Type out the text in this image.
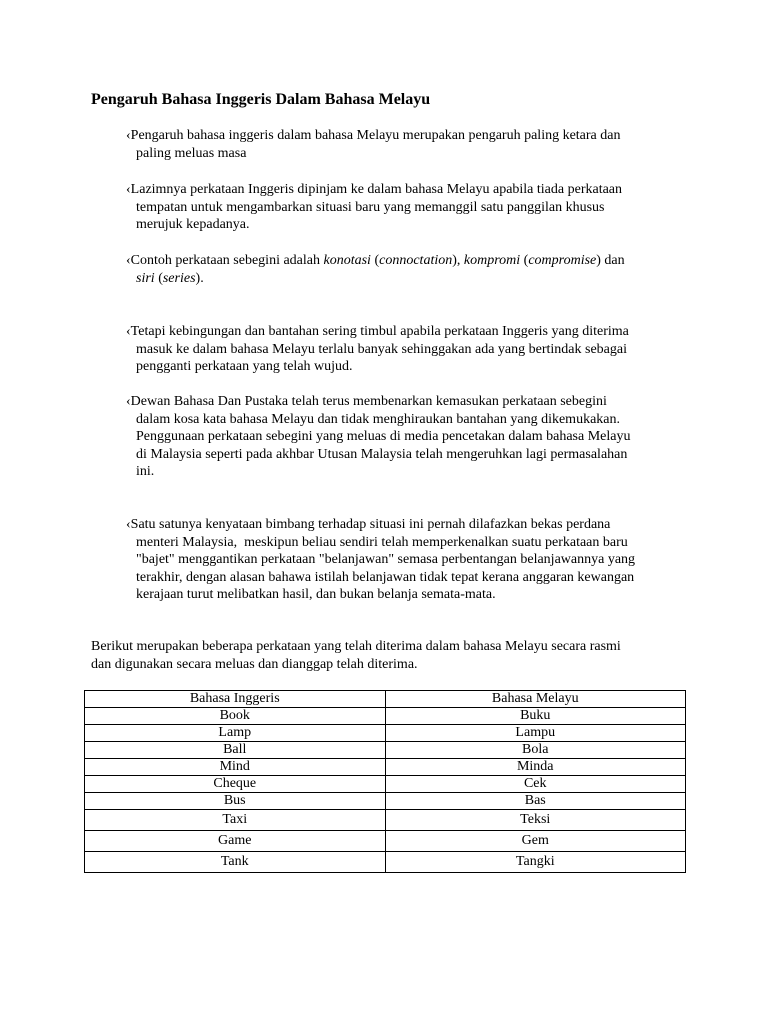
Pengaruh Bahasa Inggeris Dalam Bahasa Melayu

‹Pengaruh bahasa inggeris dalam bahasa Melayu merupakan pengaruh paling ketara dan
paling meluas masa

‹Lazimnya perkataan Inggeris dipinjam ke dalam bahasa Melayu apabila tiada perkataan
tempatan untuk mengambarkan situasi baru yang memanggil satu panggilan khusus
merujuk kepadanya.

‹Contoh perkataan sebegini adalah konotasi (connoctation), kompromi (compromise) dan
siri (series).

‹Tetapi kebingungan dan bantahan sering timbul apabila perkataan Inggeris yang diterima
masuk ke dalam bahasa Melayu terlalu banyak sehinggakan ada yang bertindak sebagai
pengganti perkataan yang telah wujud.

‹Dewan Bahasa Dan Pustaka telah terus membenarkan kemasukan perkataan sebegini
dalam kosa kata bahasa Melayu dan tidak menghiraukan bantahan yang dikemukakan.
Penggunaan perkataan sebegini yang meluas di media pencetakan dalam bahasa Melayu
di Malaysia seperti pada akhbar Utusan Malaysia telah mengeruhkan lagi permasalahan
ini.

‹Satu satunya kenyataan bimbang terhadap situasi ini pernah dilafazkan bekas perdana
menteri Malaysia,  meskipun beliau sendiri telah memperkenalkan suatu perkataan baru
"bajet" menggantikan perkataan "belanjawan" semasa perbentangan belanjawannya yang
terakhir, dengan alasan bahawa istilah belanjawan tidak tepat kerana anggaran kewangan
kerajaan turut melibatkan hasil, dan bukan belanja semata-mata.

Berikut merupakan beberapa perkataan yang telah diterima dalam bahasa Melayu secara rasmi
dan digunakan secara meluas dan dianggap telah diterima.

Bahasa Inggeris	Bahasa Melayu
Book	Buku
Lamp	Lampu
Ball	Bola
Mind	Minda
Cheque	Cek
Bus	Bas
Taxi	Teksi
Game	Gem
Tank	Tangki
